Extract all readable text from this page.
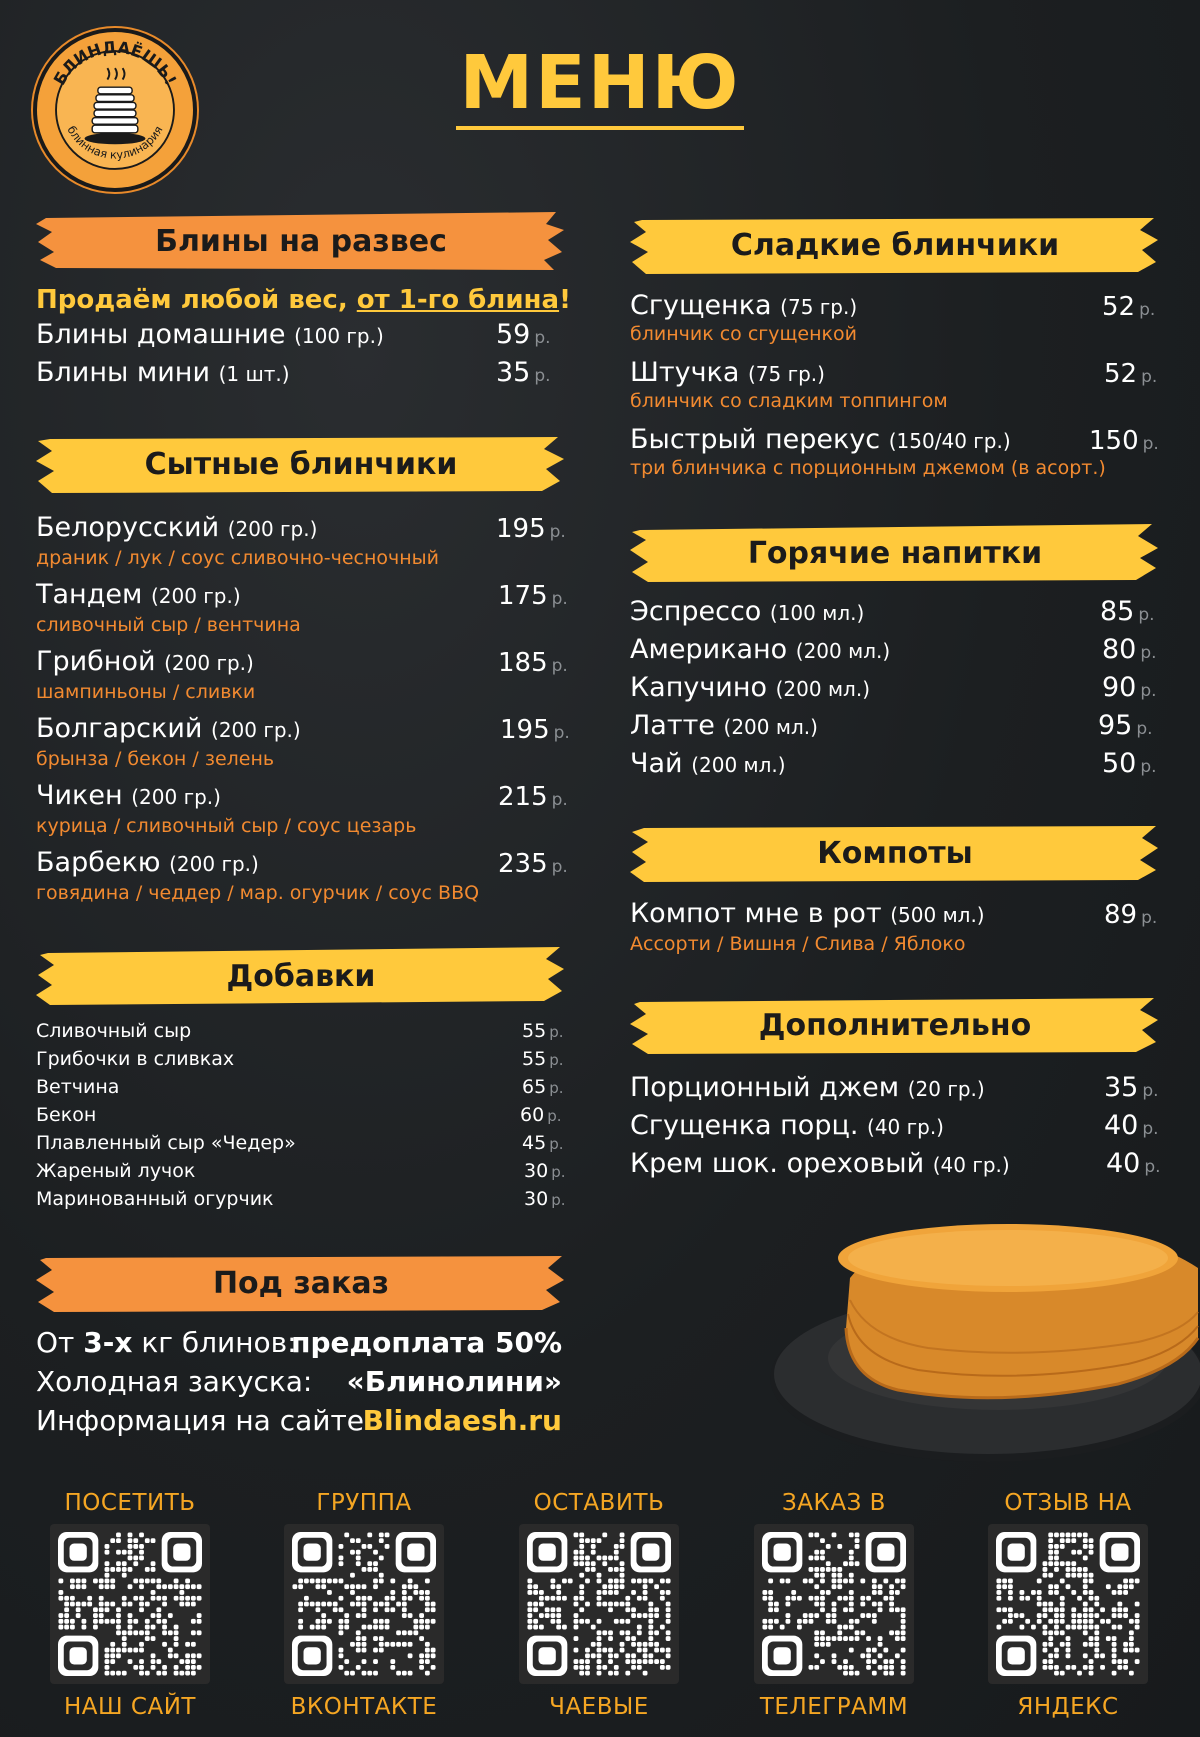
БЛИНДАЁШЬ!
блинная кулинария
МЕНЮ
Блины на развес
Продаём любой вес, от 1-го блина!
Блины домашние (100 гр.)	59 р.
Блины мини (1 шт.)	35 р.
Сытные блинчики
Белорусский (200 гр.)	195 р.
драник / лук / соус сливочно-чесночный
Тандем (200 гр.)	175 р.
сливочный сыр / вентчина
Грибной (200 гр.)	185 р.
шампиньоны / сливки
Болгарский (200 гр.)	195 р.
брынза / бекон / зелень
Чикен (200 гр.)	215 р.
курица / сливочный сыр / соус цезарь
Барбекю (200 гр.)	235 р.
говядина / чеддер / мар. огурчик / соус BBQ
Добавки
Сливочный сыр	55 р.
Грибочки в сливках	55 р.
Ветчина	65 р.
Бекон	60 р.
Плавленный сыр «Чедер»	45 р.
Жареный лучок	30 р.
Маринованный огурчик	30 р.
Под заказ
От 3-х кг блинов:
предоплата 50%
Холодная закуска: «Блинолини»
Информация на сайте:
Blindaesh.ru
Сладкие блинчики
Сгущенка (75 гр.)	52 р.
блинчик со сгущенкой
Штучка (75 гр.)	52 р.
блинчик со сладким топпингом
Быстрый перекус (150/40 гр.)	150 р.
три блинчика с порционным джемом (в асорт.)
Горячие напитки
Эспрессо (100 мл.)	85 р.
Американо (200 мл.)	80 р.
Капучино (200 мл.)	90 р.
Латте (200 мл.)	95 р.
Чай (200 мл.)	50 р.
Компоты
Компот мне в рот (500 мл.)	89 р.
Ассорти / Вишня / Слива / Яблоко
Дополнительно
Порционный джем (20 гр.)	35 р.
Сгущенка порц. (40 гр.)	40 р.
Крем шок. ореховый (40 гр.)	40 р.
ПОСЕТИТЬ
НАШ САЙТ
ГРУППА
ВКОНТАКТЕ
ОСТАВИТЬ
ЧАЕВЫЕ
ЗАКАЗ В
ТЕЛЕГРАММ
ОТЗЫВ НА
ЯНДЕКС
